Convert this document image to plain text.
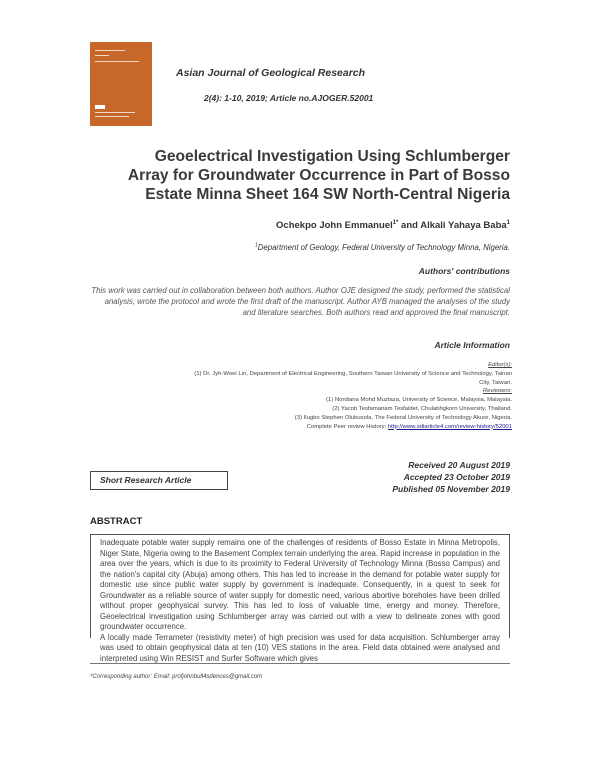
Asian Journal of Geological Research
2(4): 1-10, 2019; Article no.AJOGER.52001
Geoelectrical Investigation Using Schlumberger
Array for Groundwater Occurrence in Part of Bosso
Estate Minna Sheet 164 SW North-Central Nigeria
Ochekpo John Emmanuel$^{1*}$ and Alkali Yahaya Baba$^1$
$^1$Department of Geology, Federal University of Technology Minna, Nigeria.
Authors' contributions
This work was carried out in collaboration between both authors. Author OJE designed the study, performed the statistical analysis, wrote the protocol and wrote the first draft of the manuscript. Author AYB managed the analyses of the study and literature searches. Both authors read and approved the final manuscript.
Article Information
Editor(s):
(1) Dr. Jyh-Woei Lin, Department of Electrical Engineering, Southern Taiwan University of Science and Technology, Tainan
City, Taiwan.
Reviewers:
(1) Nordiana Mohd Muztaza, University of Science, Malaysia, Malaysia.
(2) Yacob Tesfamariam Tesfaldet, Chulabhgkorn University, Thailand.
(3) Ilugbo Stephen Olubusola, The Federal University of Technology Akure, Nigeria.
Complete Peer review History: http://www.sdiarticle4.com/review-history/52001
Received 20 August 2019
Accepted 23 October 2019
Published 05 November 2019
Short Research Article
ABSTRACT

Inadequate potable water supply remains one of the challenges of residents of Bosso Estate in Minna Metropolis, Niger State, Nigeria owing to the Basement Complex terrain underlying the area. Rapid increase in population in the area over the years, which is due to its proximity to Federal University of Technology Minna (Bosso Campus) and the nation's capital city (Abuja) among others. This has led to increase in the demand for potable water supply for domestic use since public water supply by government is inadequate. Consequently, in a quest to seek for Groundwater as a reliable source of water supply for domestic need, various abortive boreholes have been drilled without proper geophysical survey. This has led to loss of valuable time, energy and money. Therefore, Geoelectrical investigation using Schlumberger array was carried out with a view to delineate zones with good groundwater occurrence.

A locally made Terrameter (resistivity meter) of high precision was used for data acquisition. Schlumberger array was used to obtain geophysical data at ten (10) VES stations in the area. Field data obtained were analysed and interpreted using Win RESIST and Surfer Software which gives

*Corresponding author: Email: profjohnbull4sdences@gmail.com
